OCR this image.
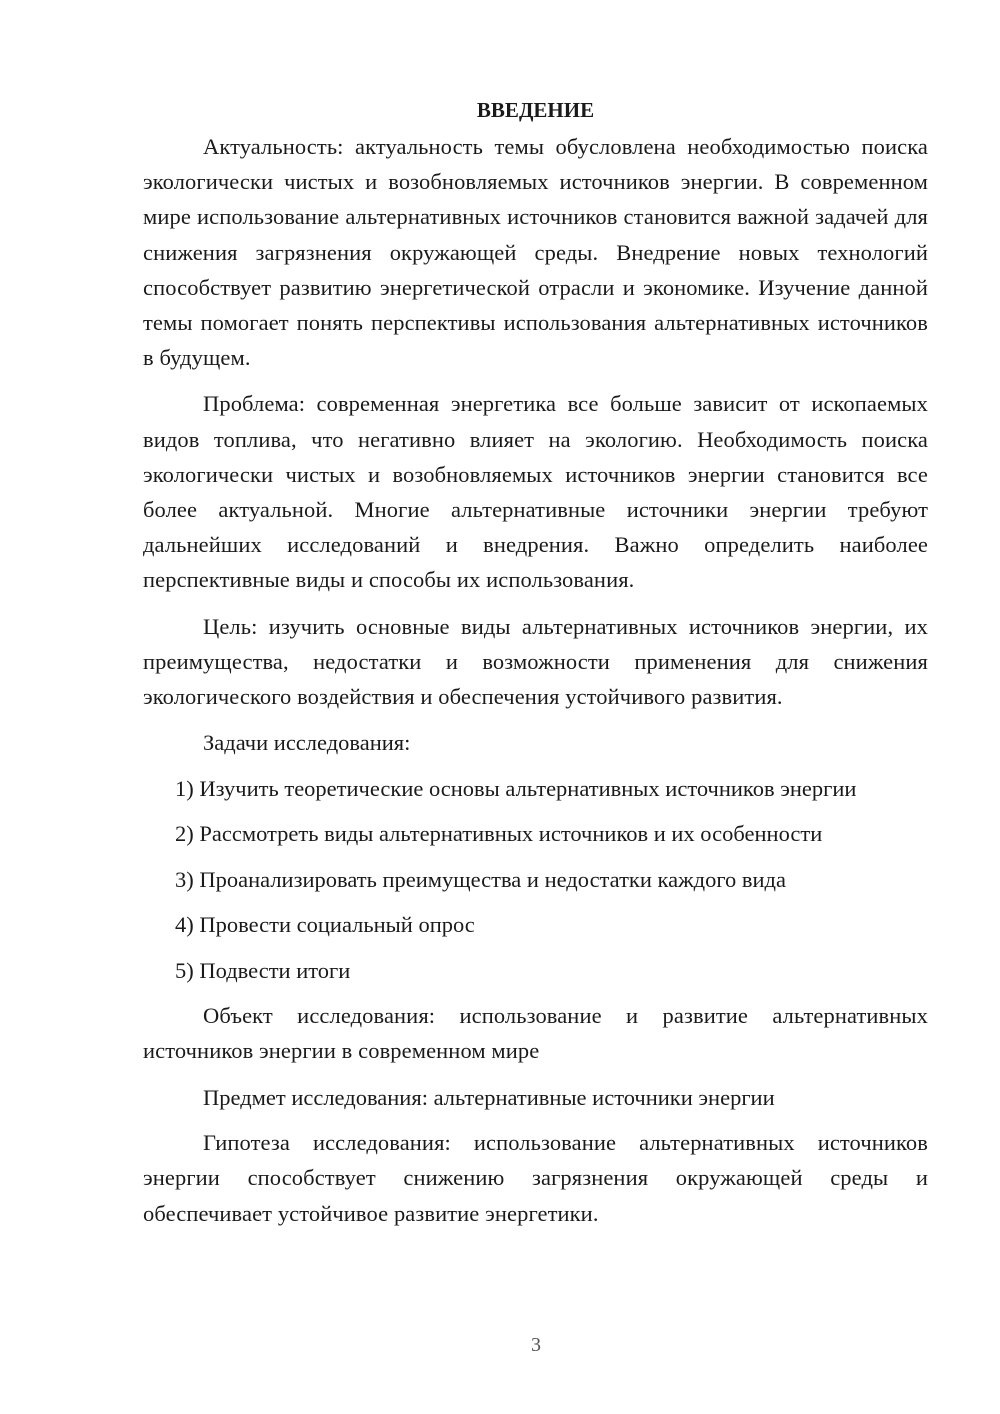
ВВЕДЕНИЕ

Актуальность: актуальность темы обусловлена необходимостью поиска экологически чистых и возобновляемых источников энергии. В современном мире использование альтернативных источников становится важной задачей для снижения загрязнения окружающей среды. Внедрение новых технологий способствует развитию энергетической отрасли и экономике. Изучение данной темы помогает понять перспективы использования альтернативных источников в будущем.

Проблема: современная энергетика все больше зависит от ископаемых видов топлива, что негативно влияет на экологию. Необходимость поиска экологически чистых и возобновляемых источников энергии становится все более актуальной. Многие альтернативные источники энергии требуют дальнейших исследований и внедрения. Важно определить наиболее перспективные виды и способы их использования.

Цель: изучить основные виды альтернативных источников энергии, их преимущества, недостатки и возможности применения для снижения экологического воздействия и обеспечения устойчивого развития.

Задачи исследования:

1) Изучить теоретические основы альтернативных источников энергии
2) Рассмотреть виды альтернативных источников и их особенности
3) Проанализировать преимущества и недостатки каждого вида
4) Провести социальный опрос
5) Подвести итоги

Объект исследования: использование и развитие альтернативных источников энергии в современном мире

Предмет исследования: альтернативные источники энергии

Гипотеза исследования: использование альтернативных источников энергии способствует снижению загрязнения окружающей среды и обеспечивает устойчивое развитие энергетики.

3
